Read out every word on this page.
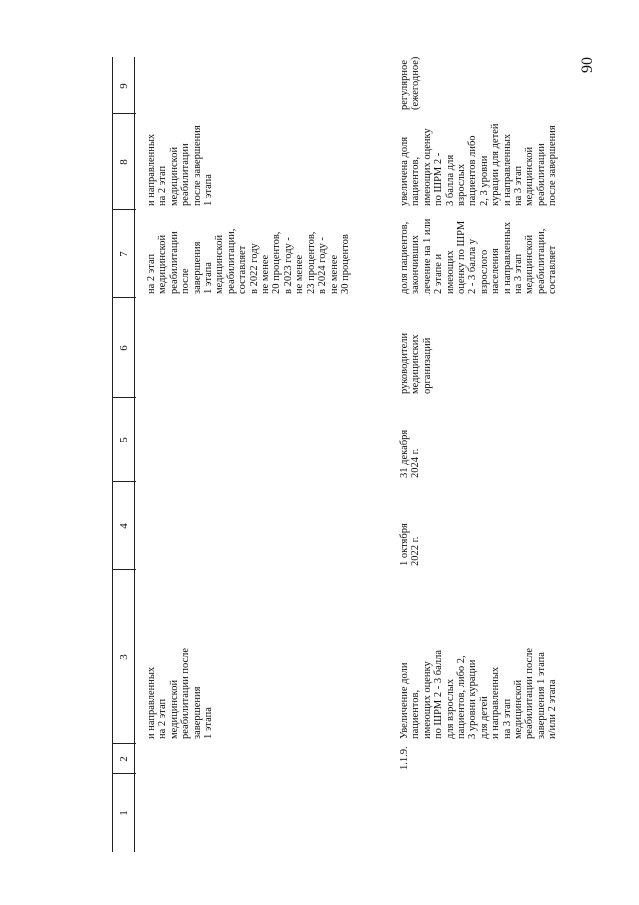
90
1
2
3
4
5
6
7
8
9
и направленных
на 2 этап
медицинской
реабилитации после
завершения
1 этапа
на 2 этап
медицинской
реабилитации
после
завершения
1 этапа
медицинской
реабилитации,
составляет
в 2022 году
не менее
20 процентов,
в 2023 году -
не менее
23 процентов,
в 2024 году -
не менее
30 процентов
и направленных
на 2 этап
медицинской
реабилитации
после завершения
1 этапа
1.1.9.
Увеличение доли
пациентов,
имеющих оценку
по ШРМ 2 - 3 балла
для взрослых
пациентов, либо 2,
3 уровни курации
для детей
и направленных
на 3 этап
медицинской
реабилитации после
завершения 1 этапа
и/или 2 этапа
1 октября
2022 г.
31 декабря
2024 г.
руководители
медицинских
организаций
доля пациентов,
закончивших
лечение на 1 или
2 этапе и
имеющих
оценку по ШРМ
2 - 3 балла у
взрослого
населения
и направленных
на 3 этап
медицинской
реабилитации,
составляет
увеличена доля
пациентов,
имеющих оценку
по ШРМ 2 -
3 балла для
взрослых
пациентов либо
2, 3 уровни
курации для детей
и направленных
на 3 этап
медицинской
реабилитации
после завершения
регулярное
(ежегодное)
